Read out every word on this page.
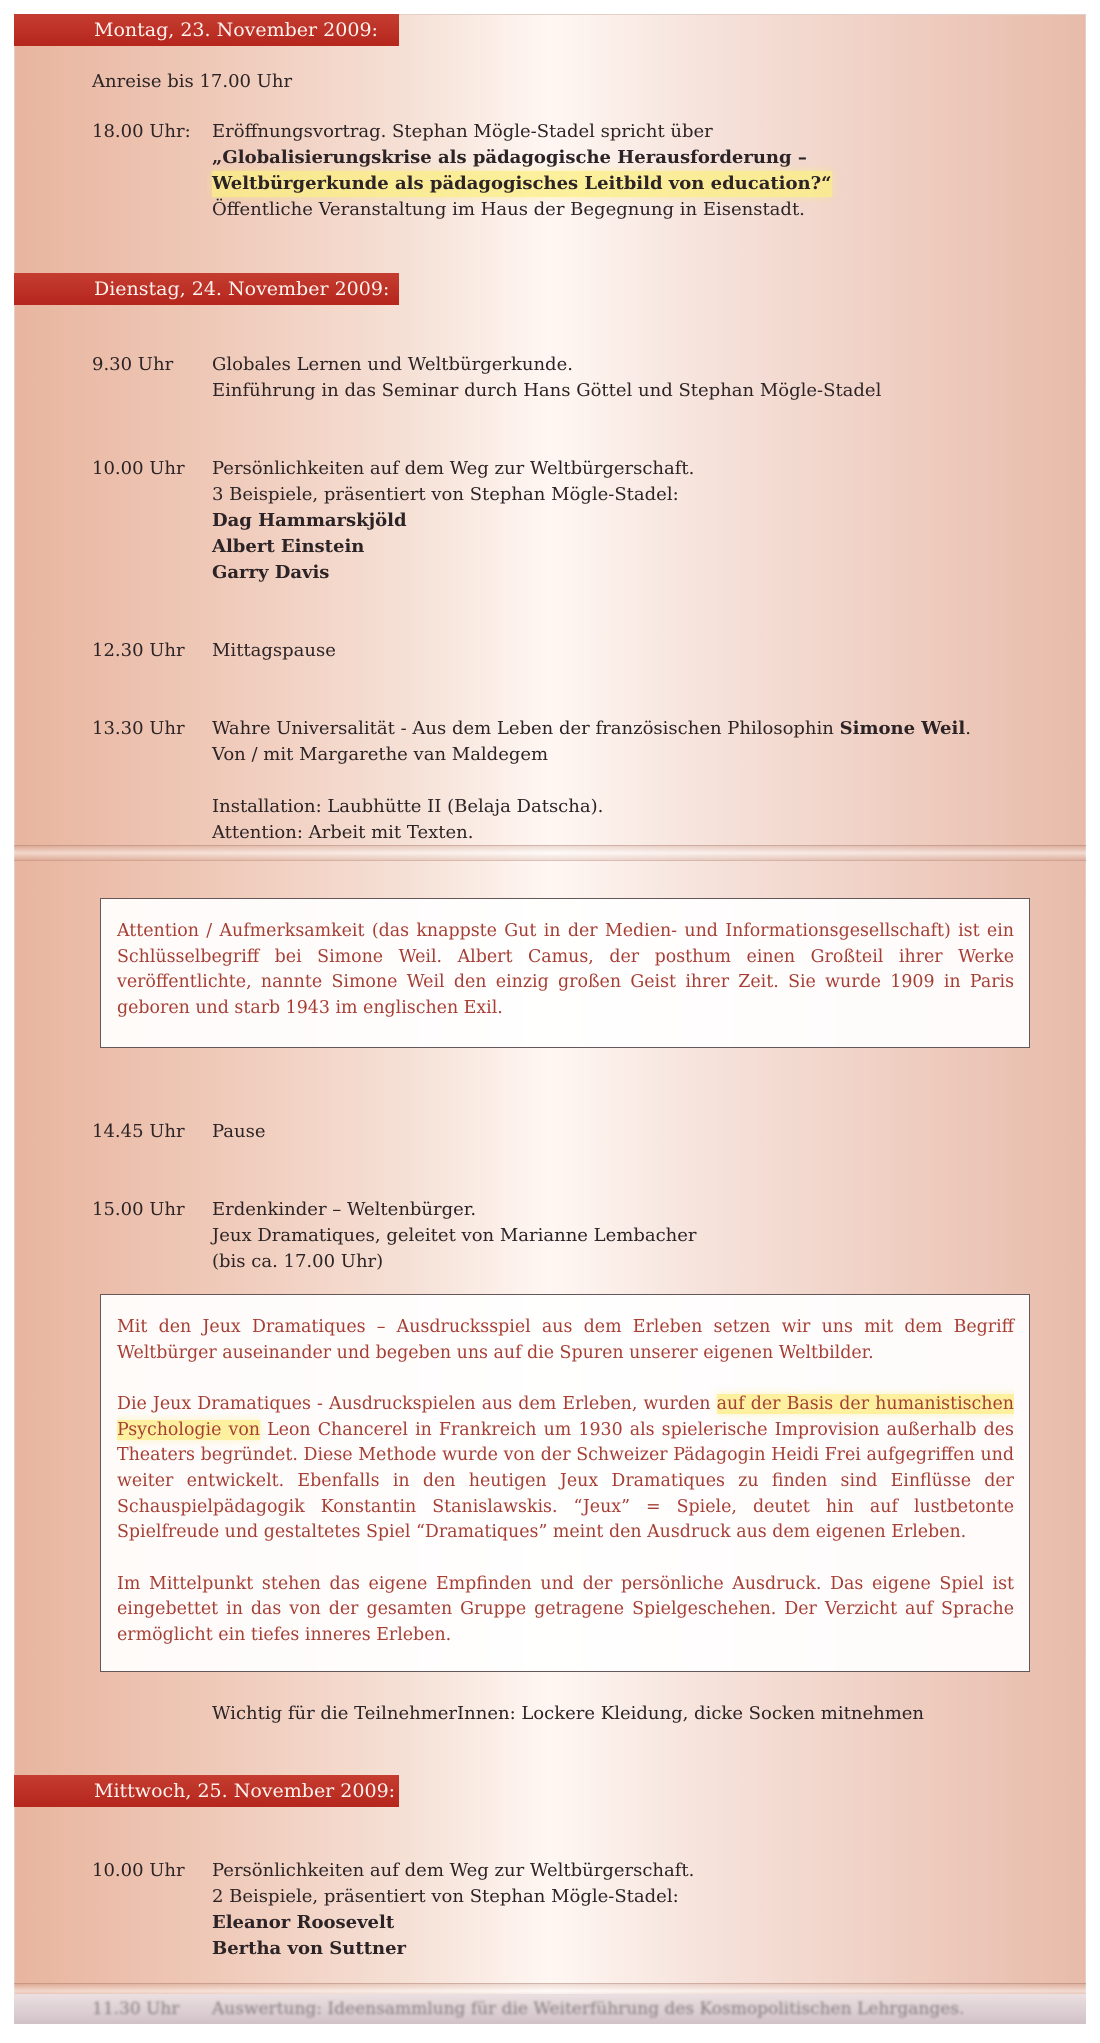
Montag, 23. November 2009:
Anreise bis 17.00 Uhr
18.00 Uhr: Eröffnungsvortrag. Stephan Mögle-Stadel spricht über
„Globalisierungskrise als pädagogische Herausforderung –
Weltbürgerkunde als pädagogisches Leitbild von education?“
Öffentliche Veranstaltung im Haus der Begegnung in Eisenstadt.
Dienstag, 24. November 2009:
9.30 Uhr Globales Lernen und Weltbürgerkunde.
Einführung in das Seminar durch Hans Göttel und Stephan Mögle-Stadel
10.00 Uhr Persönlichkeiten auf dem Weg zur Weltbürgerschaft.
3 Beispiele, präsentiert von Stephan Mögle-Stadel:
Dag Hammarskjöld
Albert Einstein
Garry Davis
12.30 Uhr Mittagspause
13.30 Uhr Wahre Universalität - Aus dem Leben der französischen Philosophin Simone Weil.
Von / mit Margarethe van Maldegem
Installation: Laubhütte II (Belaja Datscha).
Attention: Arbeit mit Texten.

Attention / Aufmerksamkeit (das knappste Gut in der Medien- und Informationsgesellschaft) ist ein Schlüsselbegriff bei Simone Weil. Albert Camus, der posthum einen Großteil ihrer Werke veröffentlichte, nannte Simone Weil den einzig großen Geist ihrer Zeit. Sie wurde 1909 in Paris geboren und starb 1943 im englischen Exil.

14.45 Uhr Pause
15.00 Uhr Erdenkinder – Weltenbürger.
Jeux Dramatiques, geleitet von Marianne Lembacher
(bis ca. 17.00 Uhr)

Mit den Jeux Dramatiques – Ausdrucksspiel aus dem Erleben setzen wir uns mit dem Begriff Weltbürger auseinander und begeben uns auf die Spuren unserer eigenen Weltbilder.

Die Jeux Dramatiques - Ausdruckspielen aus dem Erleben, wurden auf der Basis der humanistischen Psychologie von Leon Chancerel in Frankreich um 1930 als spielerische Improvision außerhalb des Theaters begründet. Diese Methode wurde von der Schweizer Pädagogin Heidi Frei aufgegriffen und weiter entwickelt. Ebenfalls in den heutigen Jeux Dramatiques zu finden sind Einflüsse der Schauspielpädagogik Konstantin Stanislawskis. “Jeux” = Spiele, deutet hin auf lustbetonte Spielfreude und gestaltetes Spiel “Dramatiques” meint den Ausdruck aus dem eigenen Erleben.

Im Mittelpunkt stehen das eigene Empfinden und der persönliche Ausdruck. Das eigene Spiel ist eingebettet in das von der gesamten Gruppe getragene Spielgeschehen. Der Verzicht auf Sprache ermöglicht ein tiefes inneres Erleben.

Wichtig für die TeilnehmerInnen: Lockere Kleidung, dicke Socken mitnehmen
Mittwoch, 25. November 2009:
10.00 Uhr Persönlichkeiten auf dem Weg zur Weltbürgerschaft.
2 Beispiele, präsentiert von Stephan Mögle-Stadel:
Eleanor Roosevelt
Bertha von Suttner
11.30 Uhr Auswertung: Ideensammlung für die Weiterführung des Kosmopolitischen Lehrganges.
